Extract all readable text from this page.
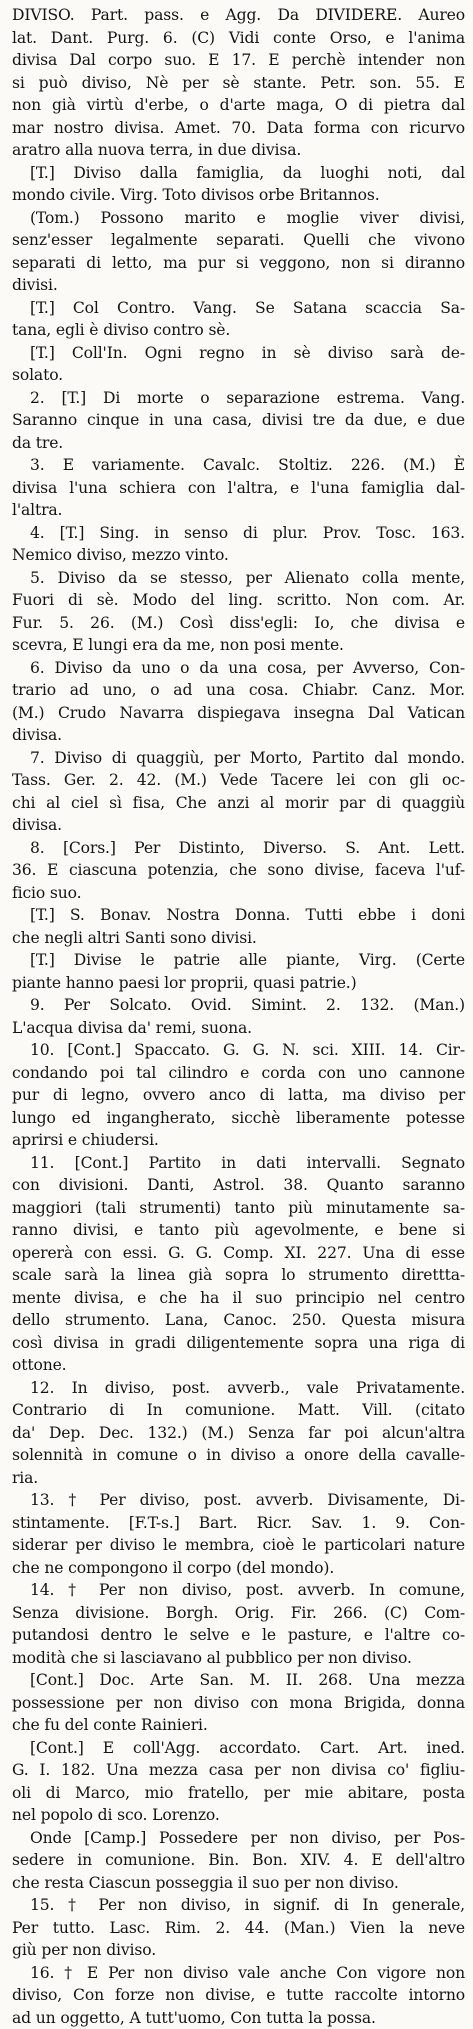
DIVISO. Part. pass. e Agg. Da DIVIDERE. Aureo
lat. Dant. Purg. 6. (C) Vidi conte Orso, e l'anima
divisa Dal corpo suo. E 17. E perchè intender non
si può diviso, Nè per sè stante. Petr. son. 55. E
non già virtù d'erbe, o d'arte maga, O di pietra dal
mar nostro divisa. Amet. 70. Data forma con ricurvo
aratro alla nuova terra, in due divisa.
[T.] Diviso dalla famiglia, da luoghi noti, dal
mondo civile. Virg. Toto divisos orbe Britannos.
(Tom.) Possono marito e moglie viver divisi,
senz'esser legalmente separati. Quelli che vivono
separati di letto, ma pur si veggono, non si diranno
divisi.
[T.] Col Contro. Vang. Se Satana scaccia Sa-
tana, egli è diviso contro sè.
[T.] Coll'In. Ogni regno in sè diviso sarà de-
solato.
2. [T.] Di morte o separazione estrema. Vang.
Saranno cinque in una casa, divisi tre da due, e due
da tre.
3. E variamente. Cavalc. Stoltiz. 226. (M.) È
divisa l'una schiera con l'altra, e l'una famiglia dal-
l'altra.
4. [T.] Sing. in senso di plur. Prov. Tosc. 163.
Nemico diviso, mezzo vinto.
5. Diviso da se stesso, per Alienato colla mente,
Fuori di sè. Modo del ling. scritto. Non com. Ar.
Fur. 5. 26. (M.) Così diss'egli: Io, che divisa e
scevra, E lungi era da me, non posi mente.
6. Diviso da uno o da una cosa, per Avverso, Con-
trario ad uno, o ad una cosa. Chiabr. Canz. Mor.
(M.) Crudo Navarra dispiegava insegna Dal Vatican
divisa.
7. Diviso di quaggiù, per Morto, Partito dal mondo.
Tass. Ger. 2. 42. (M.) Vede Tacere lei con gli oc-
chi al ciel sì fisa, Che anzi al morir par di quaggiù
divisa.
8. [Cors.] Per Distinto, Diverso. S. Ant. Lett.
36. E ciascuna potenzia, che sono divise, faceva l'uf-
ficio suo.
[T.] S. Bonav. Nostra Donna. Tutti ebbe i doni
che negli altri Santi sono divisi.
[T.] Divise le patrie alle piante, Virg. (Certe
piante hanno paesi lor proprii, quasi patrie.)
9. Per Solcato. Ovid. Simint. 2. 132. (Man.)
L'acqua divisa da' remi, suona.
10. [Cont.] Spaccato. G. G. N. sci. XIII. 14. Cir-
condando poi tal cilindro e corda con uno cannone
pur di legno, ovvero anco di latta, ma diviso per
lungo ed ingangherato, sicchè liberamente potesse
aprirsi e chiudersi.
11. [Cont.] Partito in dati intervalli. Segnato
con divisioni. Danti, Astrol. 38. Quanto saranno
maggiori (tali strumenti) tanto più minutamente sa-
ranno divisi, e tanto più agevolmente, e bene si
opererà con essi. G. G. Comp. XI. 227. Una di esse
scale sarà la linea già sopra lo strumento direttta-
mente divisa, e che ha il suo principio nel centro
dello strumento. Lana, Canoc. 250. Questa misura
così divisa in gradi diligentemente sopra una riga di
ottone.
12. In diviso, post. avverb., vale Privatamente.
Contrario di In comunione. Matt. Vill. (citato
da' Dep. Dec. 132.) (M.) Senza far poi alcun'altra
solennità in comune o in diviso a onore della cavalle-
ria.
13. † Per diviso, post. avverb. Divisamente, Di-
stintamente. [F.T-s.] Bart. Ricr. Sav. 1. 9. Con-
siderar per diviso le membra, cioè le particolari nature
che ne compongono il corpo (del mondo).
14. † Per non diviso, post. avverb. In comune,
Senza divisione. Borgh. Orig. Fir. 266. (C) Com-
putandosi dentro le selve e le pasture, e l'altre co-
modità che si lasciavano al pubblico per non diviso.
[Cont.] Doc. Arte San. M. II. 268. Una mezza
possessione per non diviso con mona Brigida, donna
che fu del conte Rainieri.
[Cont.] E coll'Agg. accordato. Cart. Art. ined.
G. I. 182. Una mezza casa per non divisa co' figliu-
oli di Marco, mio fratello, per mie abitare, posta
nel popolo di sco. Lorenzo.
Onde [Camp.] Possedere per non diviso, per Pos-
sedere in comunione. Bin. Bon. XIV. 4. E dell'altro
che resta Ciascun posseggia il suo per non diviso.
15. † Per non diviso, in signif. di In generale,
Per tutto. Lasc. Rim. 2. 44. (Man.) Vien la neve
giù per non diviso.
16. † E Per non diviso vale anche Con vigore non
diviso, Con forze non divise, e tutte raccolte intorno
ad un oggetto, A tutt'uomo, Con tutta la possa.
